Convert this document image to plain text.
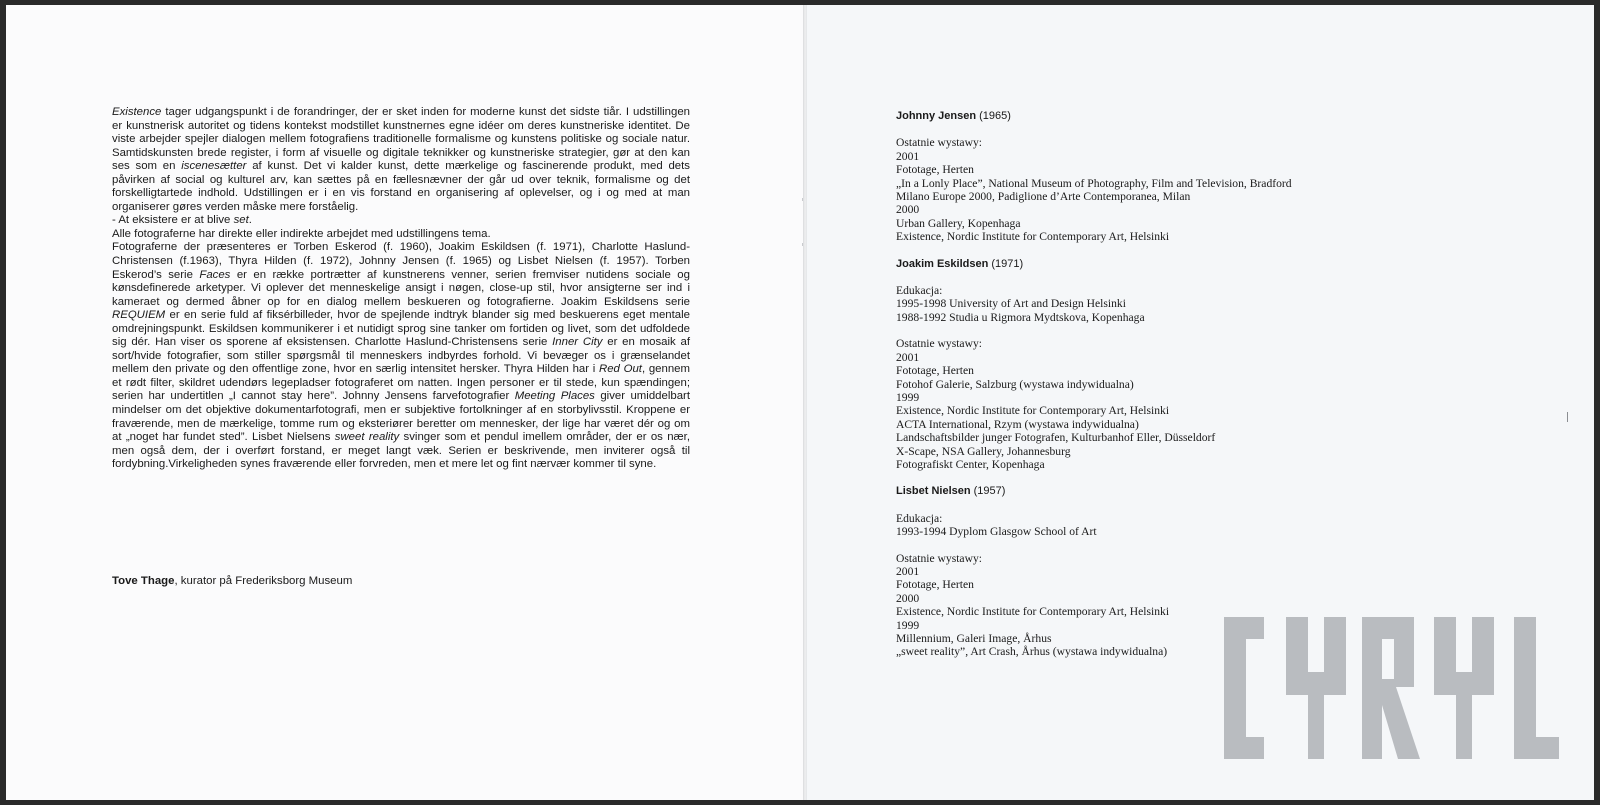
Existence tager udgangspunkt i de forandringer, der er sket inden for moderne kunst det sidste tiår. I udstillingen er kunstnerisk autoritet og tidens kontekst modstillet kunstnernes egne idéer om deres kunstneriske identitet. De viste arbejder spejler dialogen mellem fotografiens traditionelle formalisme og kunstens politiske og sociale natur. Samtidskunsten brede register, i form af visuelle og digitale teknikker og kunstneriske strategier, gør at den kan ses som en iscenesætter af kunst. Det vi kalder kunst, dette mærkelige og fascinerende produkt, med dets påvirken af social og kulturel arv, kan sættes på en fællesnævner der går ud over teknik, formalisme og det forskelligtartede indhold. Udstillingen er i en vis forstand en organisering af oplevelser, og i og med at man organiserer gøres verden måske mere forståelig.

- At eksistere er at blive set.

Alle fotograferne har direkte eller indirekte arbejdet med udstillingens tema.

Fotograferne der præsenteres er Torben Eskerod (f. 1960), Joakim Eskildsen (f. 1971), Charlotte Haslund-Christensen (f.1963), Thyra Hilden (f. 1972), Johnny Jensen (f. 1965) og Lisbet Nielsen (f. 1957). Torben Eskerod’s serie Faces er en række portrætter af kunstnerens venner, serien fremviser nutidens sociale og kønsdefinerede arketyper. Vi oplever det menneskelige ansigt i nøgen, close-up stil, hvor ansigterne ser ind i kameraet og dermed åbner op for en dialog mellem beskueren og fotografierne. Joakim Eskildsens serie REQUIEM er en serie fuld af fiksérbilleder, hvor de spejlende indtryk blander sig med beskuerens eget mentale omdrejningspunkt. Eskildsen kommunikerer i et nutidigt sprog sine tanker om fortiden og livet, som det udfoldede sig dér. Han viser os sporene af eksistensen. Charlotte Haslund-Christensens serie Inner City er en mosaik af sort/hvide fotografier, som stiller spørgsmål til menneskers indbyrdes forhold. Vi bevæger os i grænselandet mellem den private og den offentlige zone, hvor en særlig intensitet hersker. Thyra Hilden har i Red Out, gennem et rødt filter, skildret udendørs legepladser fotograferet om natten. Ingen personer er til stede, kun spændingen; serien har undertitlen „I cannot stay here”. Johnny Jensens farvefotografier Meeting Places giver umiddelbart mindelser om det objektive dokumentarfotografi, men er subjektive fortolkninger af en storbylivsstil. Kroppene er fraværende, men de mærkelige, tomme rum og eksteriører beretter om mennesker, der lige har været dér og om at „noget har fundet sted”. Lisbet Nielsens sweet reality svinger som et pendul imellem områder, der er os nær, men også dem, der i overført forstand, er meget langt væk. Serien er beskrivende, men inviterer også til fordybning.Virkeligheden synes fraværende eller forvreden, men et mere let og fint nærvær kommer til syne.

Tove Thage, kurator på Frederiksborg Museum
Johnny Jensen (1965)
Ostatnie wystawy:
2001
Fototage, Herten
„In a Lonly Place”, National Museum of Photography, Film and Television, Bradford
Milano Europe 2000, Padiglione d’Arte Contemporanea, Milan
2000
Urban Gallery, Kopenhaga
Existence, Nordic Institute for Contemporary Art, Helsinki
Joakim Eskildsen (1971)
Edukacja:
1995-1998 University of Art and Design Helsinki
1988-1992 Studia u Rigmora Mydtskova, Kopenhaga
Ostatnie wystawy:
2001
Fototage, Herten
Fotohof Galerie, Salzburg (wystawa indywidualna)
1999
Existence, Nordic Institute for Contemporary Art, Helsinki
ACTA International, Rzym (wystawa indywidualna)
Landschaftsbilder junger Fotografen, Kulturbanhof Eller, Düsseldorf
X-Scape, NSA Gallery, Johannesburg
Fotografiskt Center, Kopenhaga
Lisbet Nielsen (1957)
Edukacja:
1993-1994 Dyplom Glasgow School of Art
Ostatnie wystawy:
2001
Fototage, Herten
2000
Existence, Nordic Institute for Contemporary Art, Helsinki
1999
Millennium, Galeri Image, Århus
„sweet reality”, Art Crash, Århus (wystawa indywidualna)
